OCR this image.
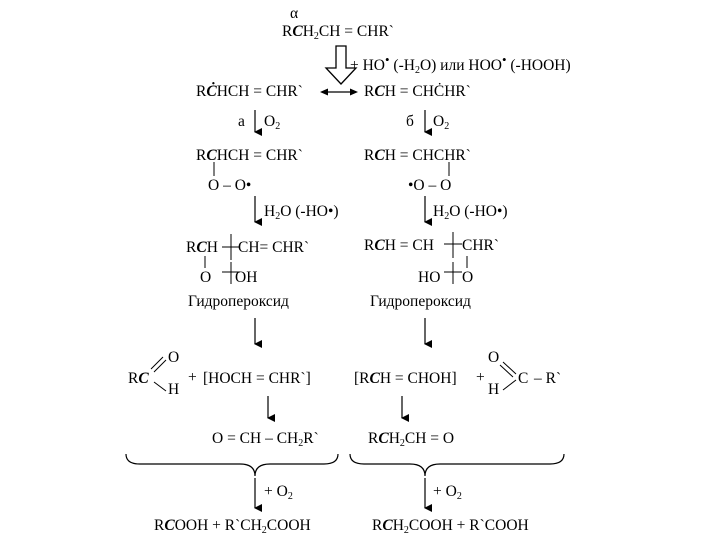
α
$RCH_2CH$ = CHR`
+ HO• $(-H_2O)$ или HOO• (-HOOH)
RĊHCH = CHR`	RCH = CHĊHR`
а $O_2$	б $O_2$
RCHCH = CHR`
O – O•
RCH = CHCHR`
•O – O
$H_2O$ (-HO•)	$H_2O$ (-HO•)
RCH CH= CHR`
O OH
RCH = CH CHR`
HO O
Гидропероксид	Гидропероксид
RC
O
H
+ [HOCH = CHR`]	[RCH = CHOH] +
O
H
C – R`
O = CH – $CH_2R`$	$RCH_2CH = O$
+ $O_2$	+ $O_2$
RCOOH + $R`CH_2COOH$	$RCH_2COOH$ + R`COOH
